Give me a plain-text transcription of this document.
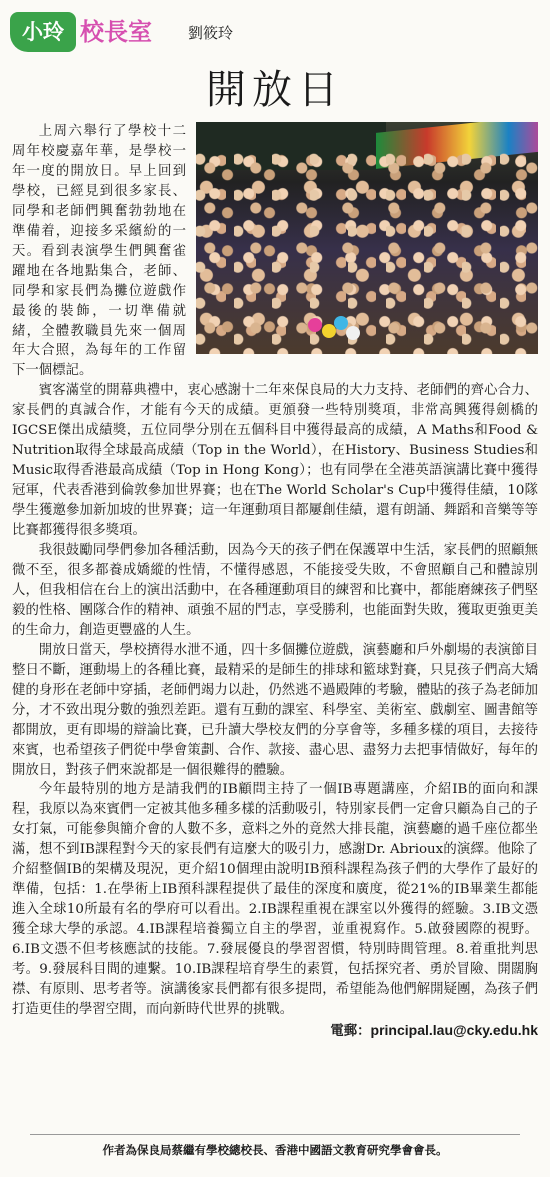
小玲 校長室 劉筱玲
開放日

上周六舉行了學校十二周年校慶嘉年華，是學校一年一度的開放日。早上回到學校，已經見到很多家長、同學和老師們興奮勃勃地在準備着，迎接多采繽紛的一天。看到表演學生們興奮雀躍地在各地點集合，老師、同學和家長們為攤位遊戲作最後的裝飾，一切準備就緒，全體教職員先來一個周年大合照，為每年的工作留下一個標記。

賓客滿堂的開幕典禮中，衷心感謝十二年來保良局的大力支持、老師們的齊心合力、家長們的真誠合作，才能有今天的成績。更頒發一些特別獎項，非常高興獲得劍橋的IGCSE傑出成績獎，五位同學分別在五個科目中獲得最高的成績，A Maths和Food & Nutrition取得全球最高成績（Top in the World），在History、Business Studies和Music取得香港最高成績（Top in Hong Kong）；也有同學在全港英語演講比賽中獲得冠軍，代表香港到倫敦參加世界賽；也在The World Scholar's Cup中獲得佳績，10隊學生獲邀參加新加坡的世界賽；這一年運動項目都屢創佳績，還有朗誦、舞蹈和音樂等等比賽都獲得很多獎項。

我很鼓勵同學們參加各種活動，因為今天的孩子們在保護罩中生活，家長們的照顧無微不至，很多都養成嬌縱的性情，不懂得感恩，不能接受失敗，不會照顧自己和體諒別人，但我相信在台上的演出活動中，在各種運動項目的練習和比賽中，都能磨練孩子們堅毅的性格、團隊合作的精神、頑強不屈的鬥志，享受勝利，也能面對失敗，獲取更強更美的生命力，創造更豐盛的人生。

開放日當天，學校擠得水泄不通，四十多個攤位遊戲，演藝廳和戶外劇場的表演節目整日不斷，運動場上的各種比賽，最精采的是師生的排球和籃球對賽，只見孩子們高大矯健的身形在老師中穿插，老師們竭力以赴，仍然逃不過殿陣的考驗，體貼的孩子為老師加分，才不致出現分數的強烈差距。還有互動的課室、科學室、美術室、戲劇室、圖書館等都開放，更有即場的辯論比賽，已升讀大學校友們的分享會等，多種多樣的項目，去接待來賓，也希望孩子們從中學會策劃、合作、款接、盡心思、盡努力去把事情做好，每年的開放日，對孩子們來說都是一個很難得的體驗。

今年最特別的地方是請我們的IB顧問主持了一個IB專題講座，介紹IB的面向和課程，我原以為來賓們一定被其他多種多樣的活動吸引，特別家長們一定會只顧為自己的子女打氣，可能參與簡介會的人數不多，意料之外的竟然大排長龍，演藝廳的過千座位都坐滿，想不到IB課程對今天的家長們有這麼大的吸引力，感謝Dr. Abrioux的演繹。他除了介紹整個IB的架構及現況，更介紹10個理由說明IB預科課程為孩子們的大學作了最好的準備，包括：1.在學術上IB預科課程提供了最佳的深度和廣度，從21%的IB畢業生都能進入全球10所最有名的學府可以看出。2.IB課程重視在課室以外獲得的經驗。3.IB文憑獲全球大學的承認。4.IB課程培養獨立自主的學習，並重視寫作。5.啟發國際的視野。6.IB文憑不但考核應試的技能。7.發展優良的學習習慣，特別時間管理。8.着重批判思考。9.發展科目間的連繫。10.IB課程培育學生的素質，包括探究者、勇於冒險、開闊胸襟、有原則、思考者等。演講後家長們都有很多提問，希望能為他們解開疑團，為孩子們打造更佳的學習空間，而向新時代世界的挑戰。

電郵：principal.lau@cky.edu.hk
作者為保良局蔡繼有學校總校長、香港中國語文教育研究學會會長。
